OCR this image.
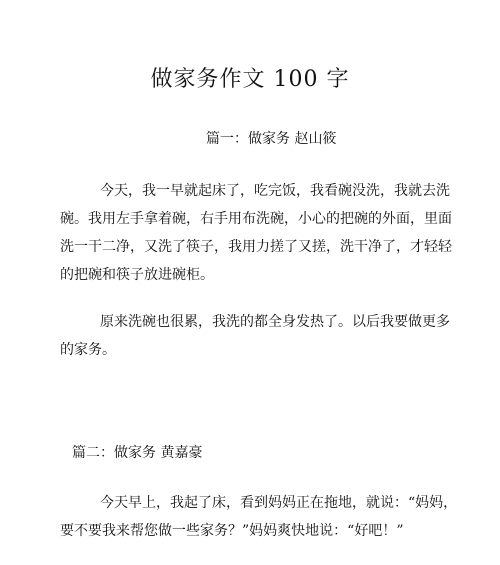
做家务作文 100 字
篇一：做家务 赵山筱

今天，我一早就起床了，吃完饭，我看碗没洗，我就去洗
碗。我用左手拿着碗，右手用布洗碗，小心的把碗的外面，里面
洗一干二净，又洗了筷子，我用力搓了又搓，洗干净了，才轻轻
的把碗和筷子放进碗柜。

原来洗碗也很累，我洗的都全身发热了。以后我要做更多
的家务。

篇二：做家务 黄嘉豪

今天早上，我起了床，看到妈妈正在拖地，就说：“妈妈，
要不要我来帮您做一些家务？”妈妈爽快地说：“好吧！”
